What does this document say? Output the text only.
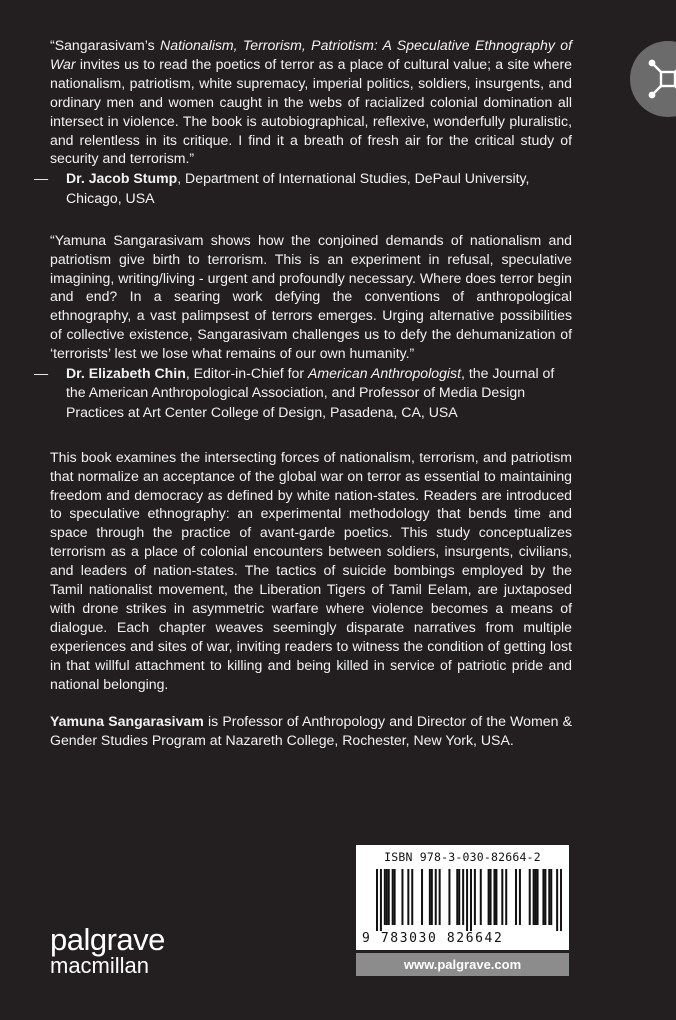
“Sangarasivam’s Nationalism, Terrorism, Patriotism: A Speculative Ethnography of War invites us to read the poetics of terror as a place of cultural value; a site where nationalism, patriotism, white supremacy, imperial politics, soldiers, insurgents, and ordinary men and women caught in the webs of racialized colonial domination all intersect in violence. The book is autobiographical, reflexive, wonderfully pluralistic, and relentless in its critique. I find it a breath of fresh air for the critical study of security and terrorism.”

— Dr. Jacob Stump, Department of International Studies, DePaul University, Chicago, USA

“Yamuna Sangarasivam shows how the conjoined demands of nationalism and patriotism give birth to terrorism. This is an experiment in refusal, speculative imagining, writing/living - urgent and profoundly necessary. Where does terror begin and end? In a searing work defying the conventions of anthropological ethnography, a vast palimpsest of terrors emerges. Urging alternative possibilities of collective existence, Sangarasivam challenges us to defy the dehumanization of ‘terrorists’ lest we lose what remains of our own humanity.”

— Dr. Elizabeth Chin, Editor-in-Chief for American Anthropologist, the Journal of the American Anthropological Association, and Professor of Media Design Practices at Art Center College of Design, Pasadena, CA, USA

This book examines the intersecting forces of nationalism, terrorism, and patriotism that normalize an acceptance of the global war on terror as essential to maintaining freedom and democracy as defined by white nation-states. Readers are introduced to speculative ethnography: an experimental methodology that bends time and space through the practice of avant-garde poetics. This study conceptualizes terrorism as a place of colonial encounters between soldiers, insurgents, civilians, and leaders of nation-states. The tactics of suicide bombings employed by the Tamil nationalist movement, the Liberation Tigers of Tamil Eelam, are juxtaposed with drone strikes in asymmetric warfare where violence becomes a means of dialogue. Each chapter weaves seemingly disparate narratives from multiple experiences and sites of war, inviting readers to witness the condition of getting lost in that willful attachment to killing and being killed in service of patriotic pride and national belonging.

Yamuna Sangarasivam is Professor of Anthropology and Director of the Women & Gender Studies Program at Nazareth College, Rochester, New York, USA.

ISBN 978-3-030-82664-2
9 783030 826642
www.palgrave.com
palgrave
macmillan
